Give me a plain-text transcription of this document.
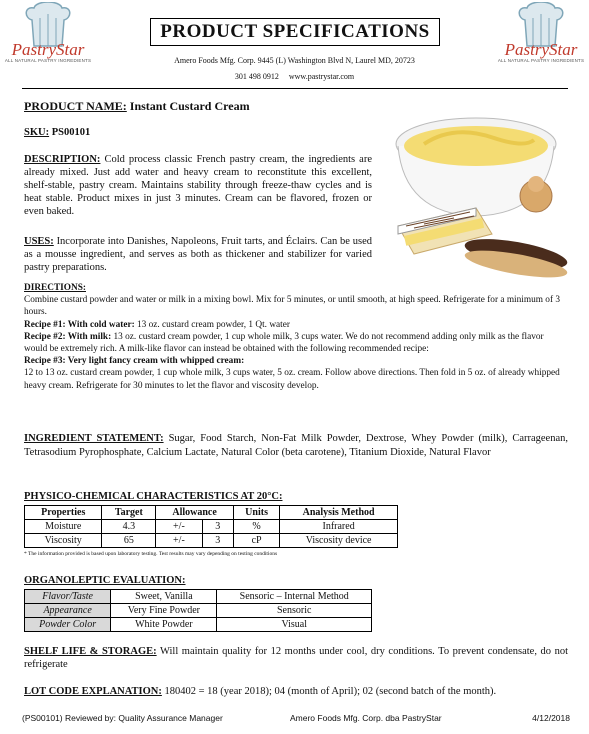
PastryStar
ALL NATURAL PASTRY INGREDIENTS
PastryStar
ALL NATURAL PASTRY INGREDIENTS
PRODUCT SPECIFICATIONS
Amero Foods Mfg. Corp. 9445 (L) Washington Blvd N, Laurel MD, 20723
301 498 0912 www.pastrystar.com
PRODUCT NAME: Instant Custard Cream
SKU: PS00101
DESCRIPTION: Cold process classic French pastry cream, the ingredients are already mixed. Just add water and heavy cream to reconstitute this excellent, shelf-stable, pastry cream. Maintains stability through freeze-thaw cycles and is heat stable. Product mixes in just 3 minutes. Cream can be flavored, frozen or even baked.
USES: Incorporate into Danishes, Napoleons, Fruit tarts, and Éclairs. Can be used as a mousse ingredient, and serves as both as thickener and stabilizer for varied pastry preparations.
DIRECTIONS:
Combine custard powder and water or milk in a mixing bowl. Mix for 5 minutes, or until smooth, at high speed. Refrigerate for a minimum of 3 hours.
Recipe #1: With cold water: 13 oz. custard cream powder, 1 Qt. water
Recipe #2: With milk: 13 oz. custard cream powder, 1 cup whole milk, 3 cups water. We do not recommend adding only milk as the flavor would be extremely rich. A milk-like flavor can instead be obtained with the following recommended recipe:
Recipe #3: Very light fancy cream with whipped cream:
12 to 13 oz. custard cream powder, 1 cup whole milk, 3 cups water, 5 oz. cream. Follow above directions. Then fold in 5 oz. of already whipped heavy cream. Refrigerate for 30 minutes to let the flavor and viscosity develop.
INGREDIENT STATEMENT: Sugar, Food Starch, Non-Fat Milk Powder, Dextrose, Whey Powder (milk), Carrageenan, Tetrasodium Pyrophosphate, Calcium Lactate, Natural Color (beta carotene), Titanium Dioxide, Natural Flavor
PHYSICO-CHEMICAL CHARACTERISTICS AT 20°C:
Properties	Target	Allowance		Units	Analysis Method
Moisture	4.3	+/-	3	%	Infrared
Viscosity	65	+/-	3	cP	Viscosity device
* The information provided is based upon laboratory testing. Test results may vary depending on testing conditions
ORGANOLEPTIC EVALUATION:
Flavor/Taste	Sweet, Vanilla	Sensoric – Internal Method
Appearance	Very Fine Powder	Sensoric
Powder Color	White Powder	Visual
SHELF LIFE & STORAGE: Will maintain quality for 12 months under cool, dry conditions. To prevent condensate, do not refrigerate
LOT CODE EXPLANATION: 180402 = 18 (year 2018); 04 (month of April); 02 (second batch of the month).
(PS00101) Reviewed by: Quality Assurance Manager	Amero Foods Mfg. Corp. dba PastryStar	4/12/2018
